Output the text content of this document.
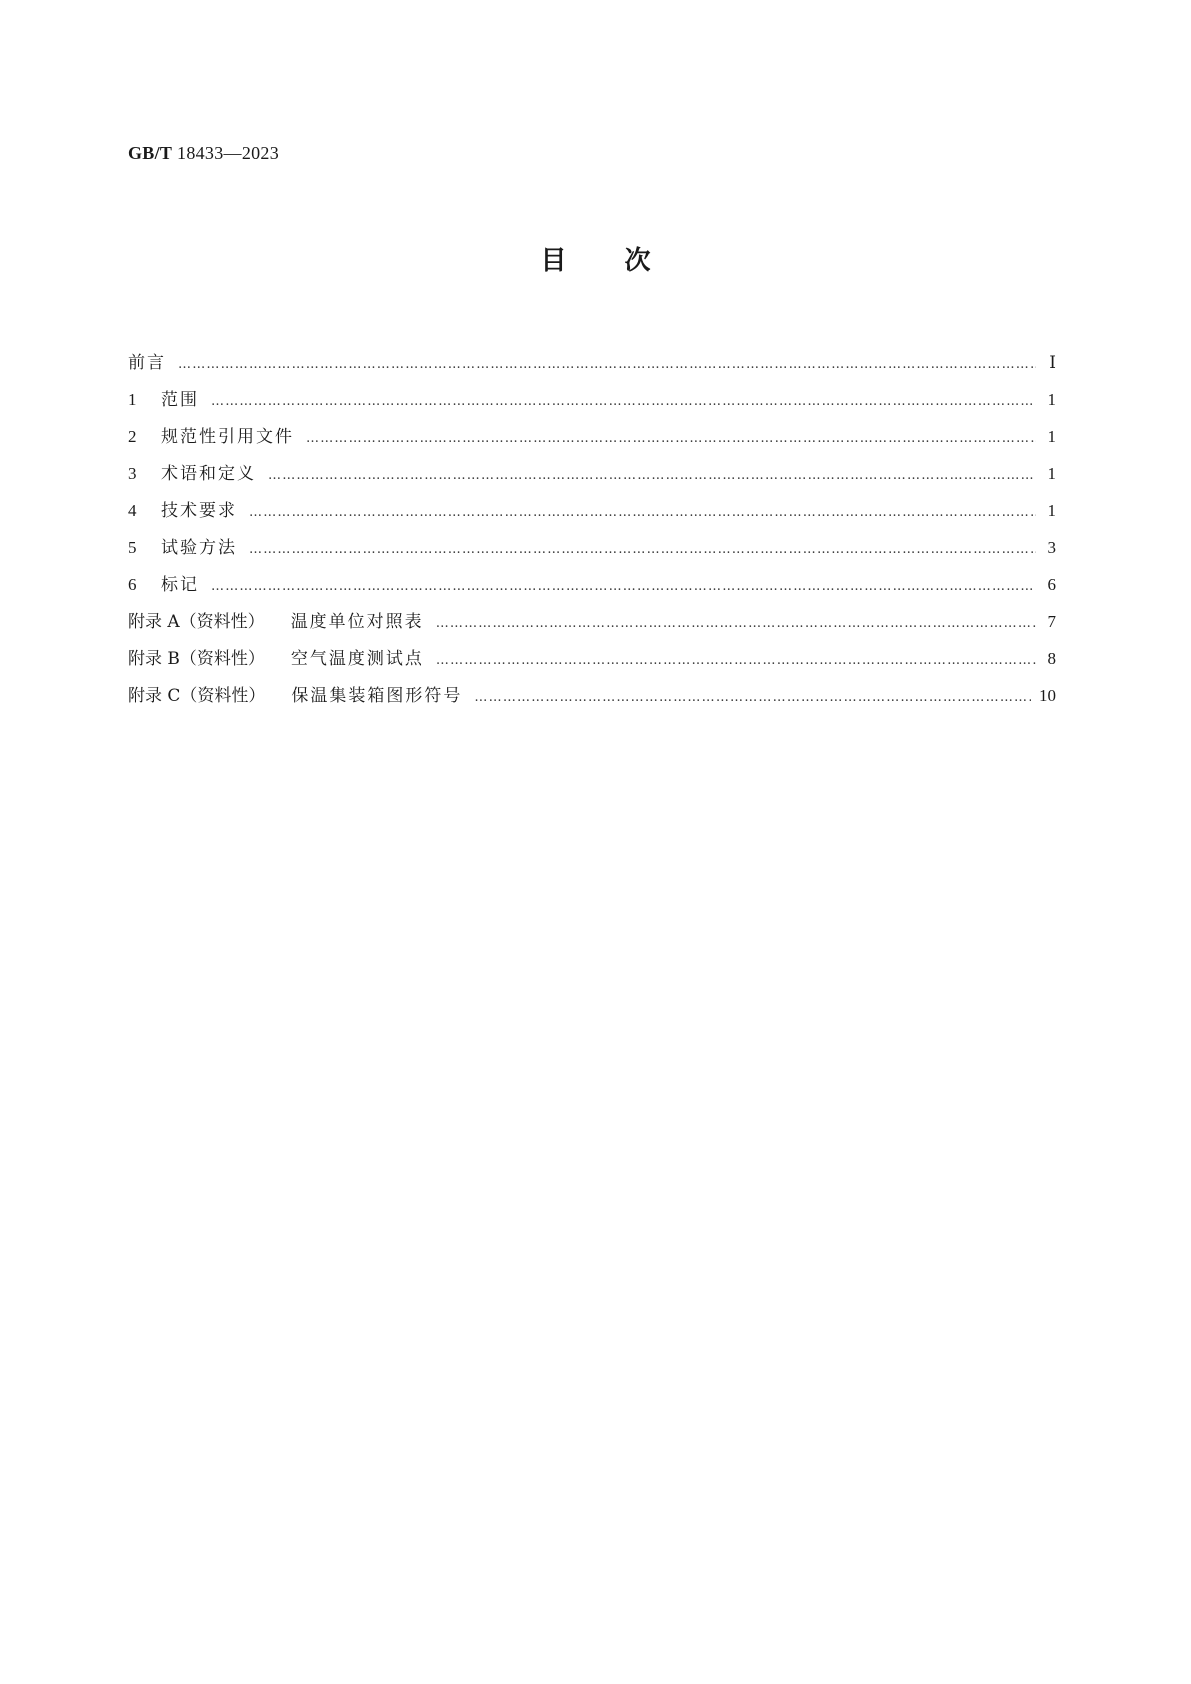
GB/T 18433—2023
目 次
前言 ……………………………………………………………………………………………………………………………………………………………………………………………………………	Ⅰ
1	范围 ……………………………………………………………………………………………………………………………………………………………………………………………………………	1
2	规范性引用文件 ……………………………………………………………………………………………………………………………………………………………………………………………………………	1
3	术语和定义 ……………………………………………………………………………………………………………………………………………………………………………………………………………	1
4	技术要求 ……………………………………………………………………………………………………………………………………………………………………………………………………………	1
5	试验方法 ……………………………………………………………………………………………………………………………………………………………………………………………………………	3
6	标记 ……………………………………………………………………………………………………………………………………………………………………………………………………………	6
附录 A（资料性） 温度单位对照表 ……………………………………………………………………………………………………………………………………………………………………………………………………………	7
附录 B（资料性） 空气温度测试点 ……………………………………………………………………………………………………………………………………………………………………………………………………………	8
附录 C（资料性） 保温集装箱图形符号 ……………………………………………………………………………………………………………………………………………………………………………………………………………	10
